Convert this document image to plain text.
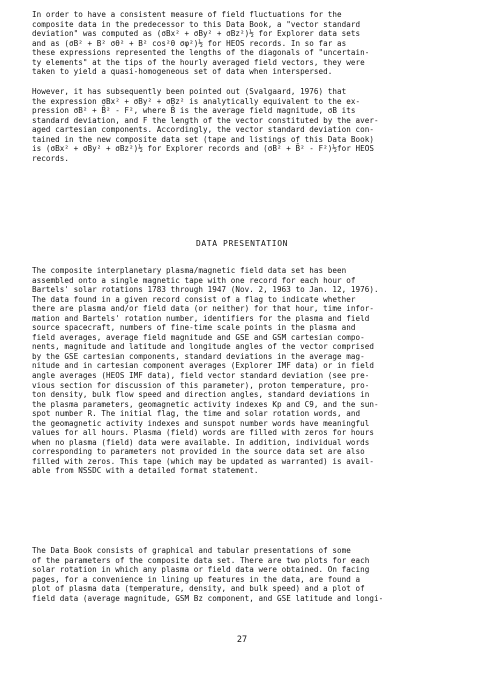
In order to have a consistent measure of field fluctuations for the
composite data in the predecessor to this Data Book, a "vector standard
deviation" was computed as (σBx² + σBy² + σBz²)½ for Explorer data sets
and as (σB² + B² σθ² + B² cos²θ σφ²)½ for HEOS records. In so far as
these expressions represented the lengths of the diagonals of "uncertain-
ty elements" at the tips of the hourly averaged field vectors, they were
taken to yield a quasi-homogeneous set of data when interspersed.
However, it has subsequently been pointed out (Svalgaard, 1976) that
the expression σBx² + σBy² + σBz² is analytically equivalent to the ex-
pression σB² + B̄² - F², where B̄ is the average field magnitude, σB its
standard deviation, and F the length of the vector constituted by the aver-
aged cartesian components. Accordingly, the vector standard deviation con-
tained in the new composite data set (tape and listings of this Data Book)
is (σBx² + σBy² + σBz²)½ for Explorer records and (σB² + B̄² - F²)½for HEOS
records.
DATA PRESENTATION
The composite interplanetary plasma/magnetic field data set has been
assembled onto a single magnetic tape with one record for each hour of
Bartels' solar rotations 1783 through 1947 (Nov. 2, 1963 to Jan. 12, 1976).
The data found in a given record consist of a flag to indicate whether
there are plasma and/or field data (or neither) for that hour, time infor-
mation and Bartels' rotation number, identifiers for the plasma and field
source spacecraft, numbers of fine-time scale points in the plasma and
field averages, average field magnitude and GSE and GSM cartesian compo-
nents, magnitude and latitude and longitude angles of the vector comprised
by the GSE cartesian components, standard deviations in the average mag-
nitude and in cartesian component averages (Explorer IMF data) or in field
angle averages (HEOS IMF data), field vector standard deviation (see pre-
vious section for discussion of this parameter), proton temperature, pro-
ton density, bulk flow speed and direction angles, standard deviations in
the plasma parameters, geomagnetic activity indexes Kp and C9, and the sun-
spot number R. The initial flag, the time and solar rotation words, and
the geomagnetic activity indexes and sunspot number words have meaningful
values for all hours. Plasma (field) words are filled with zeros for hours
when no plasma (field) data were available. In addition, individual words
corresponding to parameters not provided in the source data set are also
filled with zeros. This tape (which may be updated as warranted) is avail-
able from NSSDC with a detailed format statement.
The Data Book consists of graphical and tabular presentations of some
of the parameters of the composite data set. There are two plots for each
solar rotation in which any plasma or field data were obtained. On facing
pages, for a convenience in lining up features in the data, are found a
plot of plasma data (temperature, density, and bulk speed) and a plot of
field data (average magnitude, GSM Bz component, and GSE latitude and longi-
27
